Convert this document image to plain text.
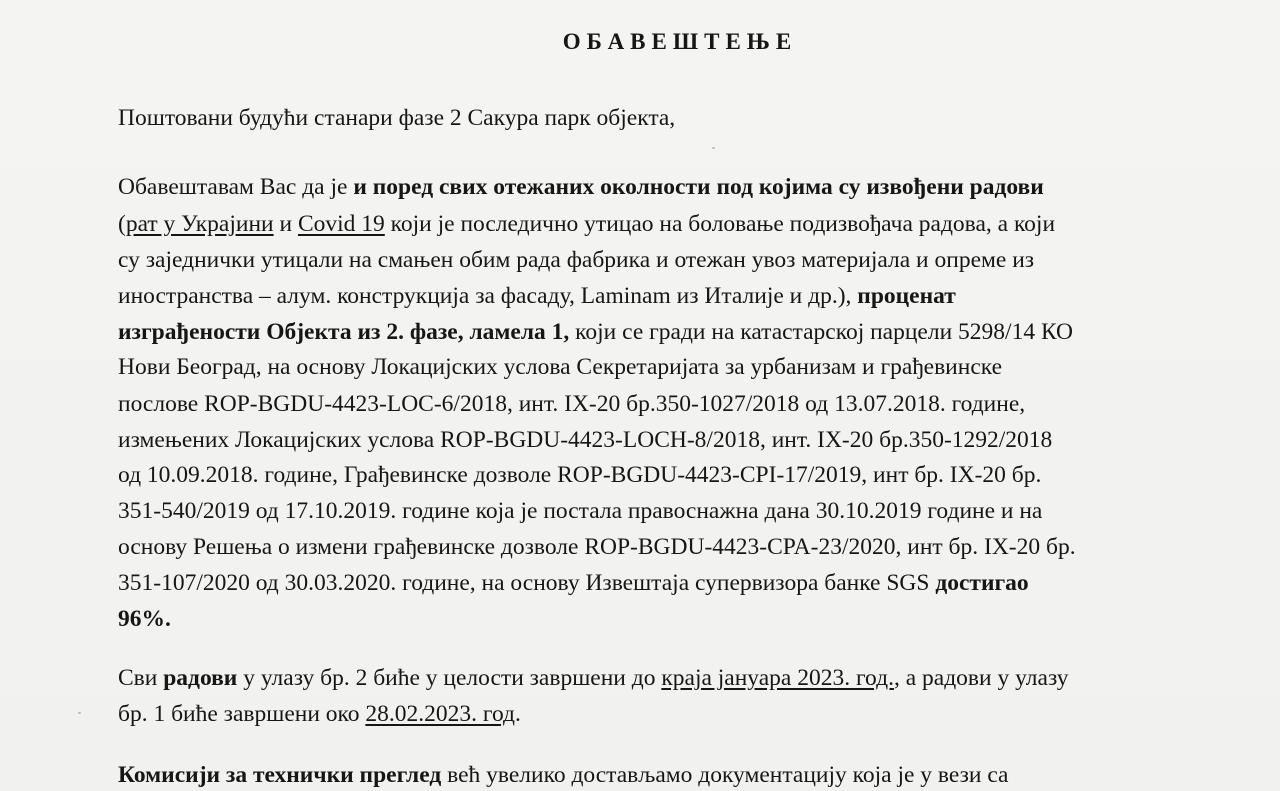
ОБАВЕШТЕЊЕ
Поштовани будући станари фазе 2 Сакура парк објекта,
Обавештавам Вас да је и поред свих отежаних околности под којима су извођени радови
(рат у Украјини и Covid 19 који је последично утицао на боловање подизвођача радова, а који
су заједнички утицали на смањен обим рада фабрика и отежан увоз материјала и опреме из
иностранства – алум. конструкција за фасаду, Laminam из Италије и др.), проценат
изграђености Објекта из 2. фазе, ламела 1, који се гради на катастарској парцели 5298/14 КО
Нови Београд, на основу Локацијских услова Секретаријата за урбанизам и грађевинске
послове ROP-BGDU-4423-LOC-6/2018, инт. IX-20 бр.350-1027/2018 од 13.07.2018. године,
измењених Локацијских услова ROP-BGDU-4423-LOCH-8/2018, инт. IX-20 бр.350-1292/2018
од 10.09.2018. године, Грађевинске дозволе ROP-BGDU-4423-CPI-17/2019, инт бр. IX-20 бр.
351-540/2019 од 17.10.2019. године која је постала правоснажна дана 30.10.2019 године и на
основу Решења о измени грађевинске дозволе ROP-BGDU-4423-CPA-23/2020, инт бр. IX-20 бр.
351-107/2020 од 30.03.2020. године, на основу Извештаја супервизора банке SGS достигао
96%.
Сви радови у улазу бр. 2 биће у целости завршени до краја јануара 2023. год., а радови у улазу
бр. 1 биће завршени око 28.02.2023. год.
Комисији за технички преглед већ увелико достављамо документацију која је у вези са
